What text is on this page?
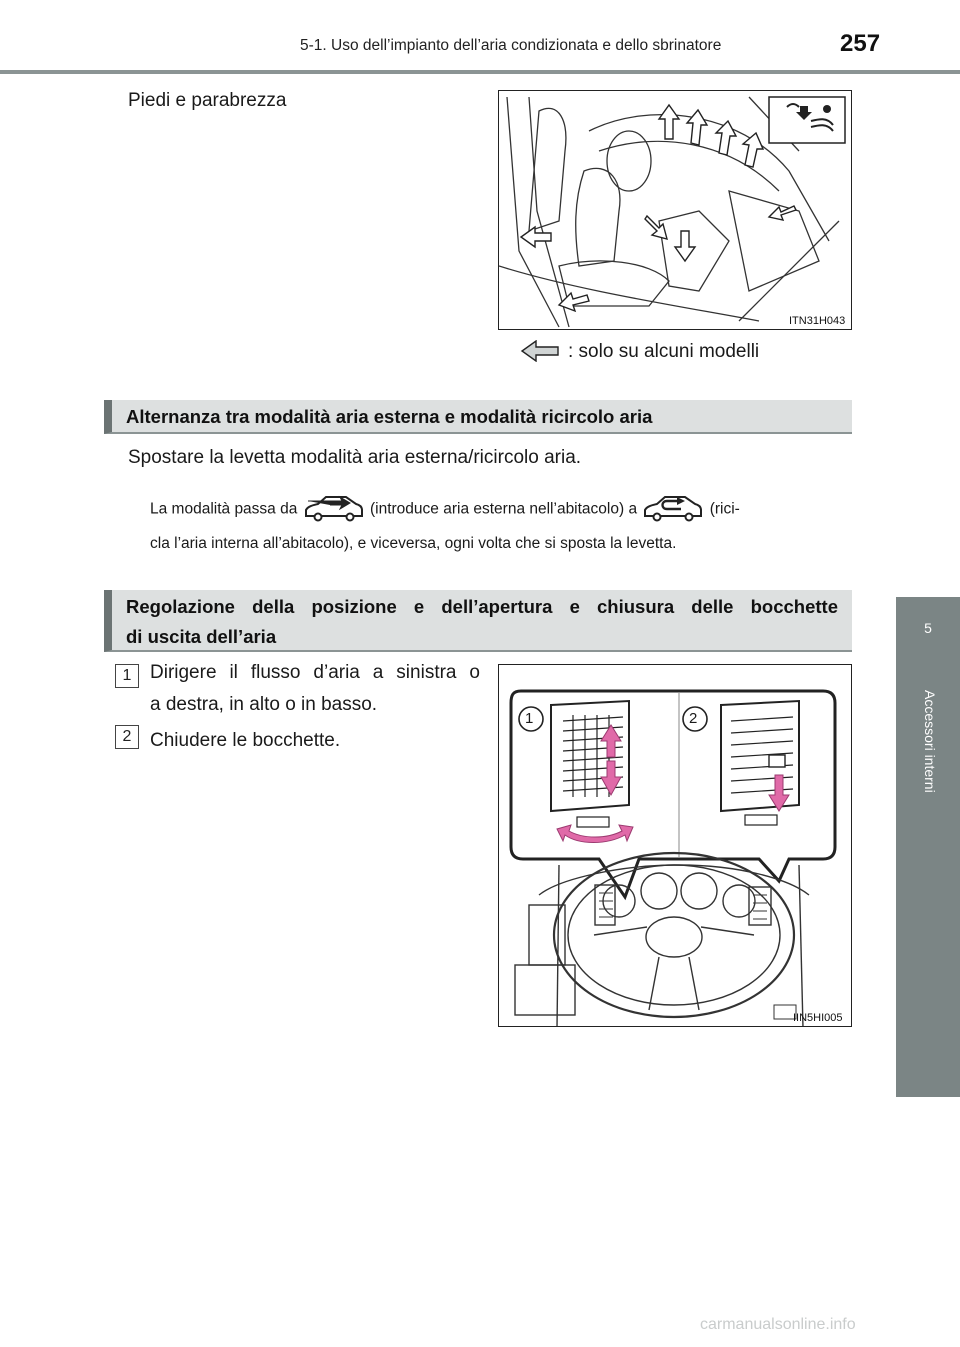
5-1. Uso dell’impianto dell’aria condizionata e dello sbrinatore	257
5
Accessori interni
Piedi e parabrezza
ITN31H043
: solo su alcuni modelli
Alternanza tra modalità aria esterna e modalità ricircolo aria
Spostare la levetta modalità aria esterna/ricircolo aria.
La modalità passa da	(introduce aria esterna nell’abitacolo) a	(rici-
cla l’aria interna all’abitacolo), e viceversa, ogni volta che si sposta la levetta.
Regolazione della posizione e dell’apertura e chiusura delle bocchette
di uscita dell’aria
1 Dirigere il flusso d’aria a sinistra o
a destra, in alto o in basso.
2 Chiudere le bocchette.
1	2
IIN5HI005
carmanualsonline.info
